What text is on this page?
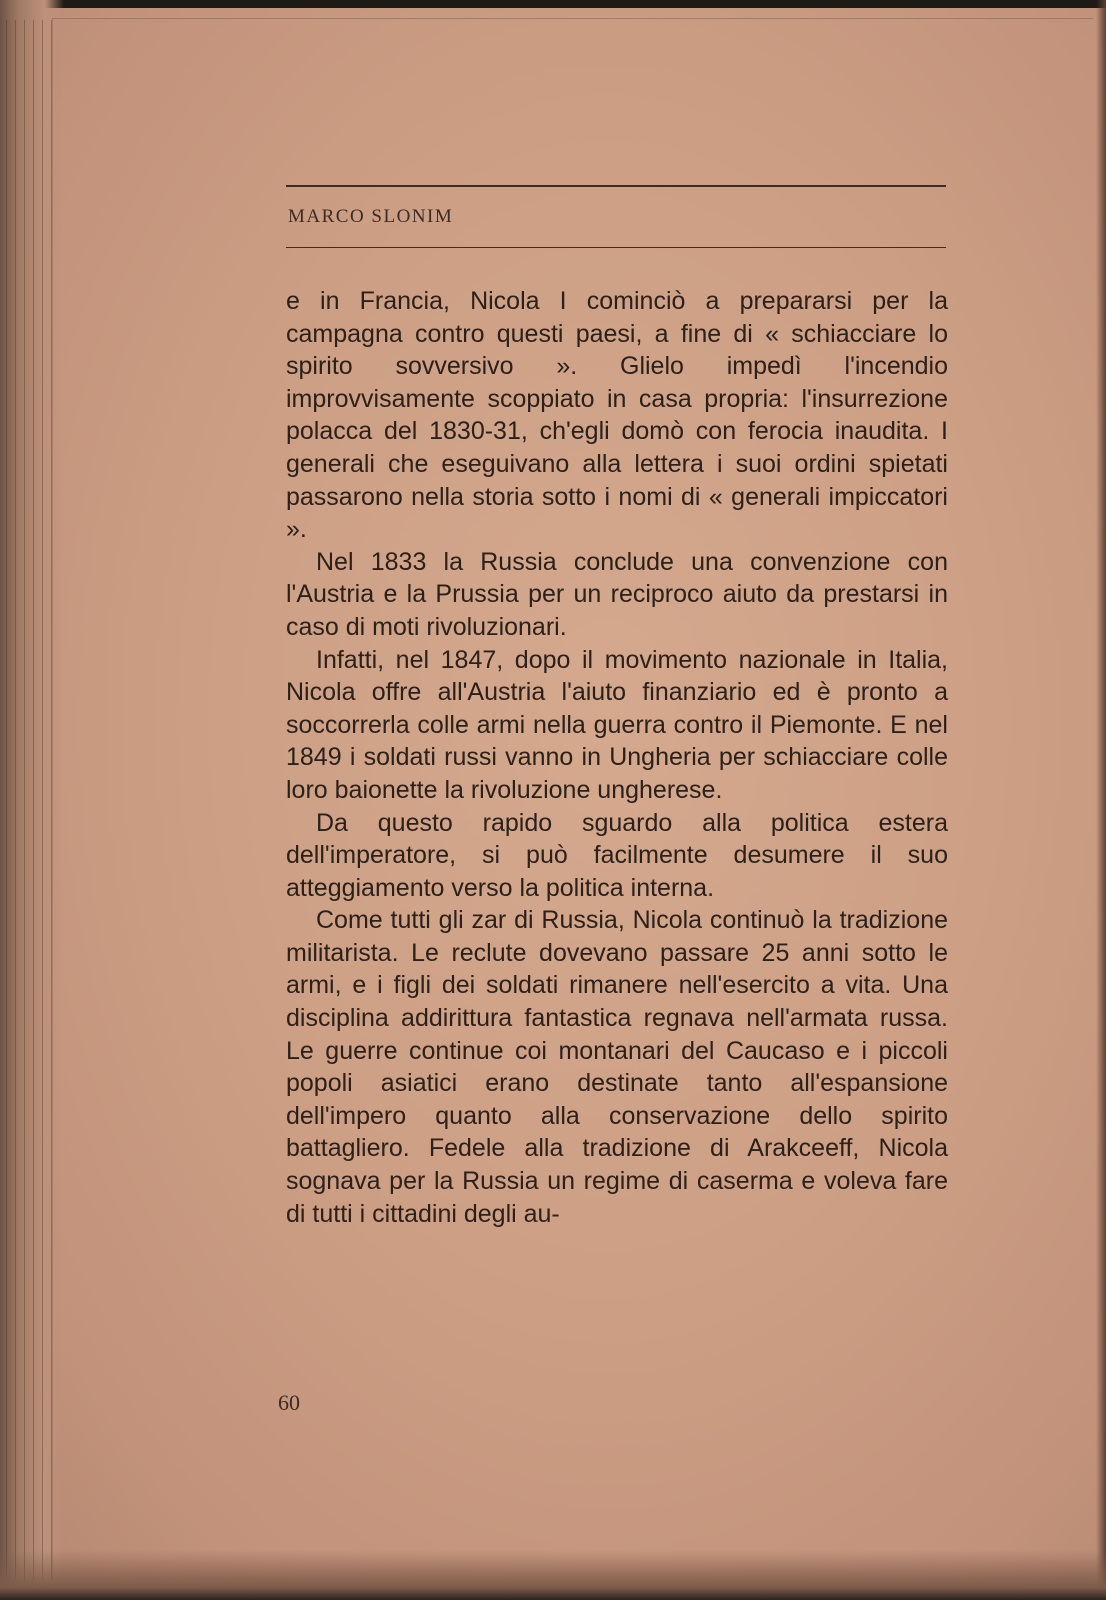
MARCO SLONIM

e in Francia, Nicola I cominciò a prepararsi per la campagna contro questi paesi, a fine di « schiacciare lo spirito sovversivo ». Glielo impedì l'incendio improvvisamente scoppiato in casa propria: l'insurrezione polacca del 1830-31, ch'egli domò con ferocia inaudita. I generali che eseguivano alla lettera i suoi ordini spietati passarono nella storia sotto i nomi di « generali impiccatori ».

Nel 1833 la Russia conclude una convenzione con l'Austria e la Prussia per un reciproco aiuto da prestarsi in caso di moti rivoluzionari.

Infatti, nel 1847, dopo il movimento nazionale in Italia, Nicola offre all'Austria l'aiuto finanziario ed è pronto a soccorrerla colle armi nella guerra contro il Piemonte. E nel 1849 i soldati russi vanno in Ungheria per schiacciare colle loro baionette la rivoluzione ungherese.

Da questo rapido sguardo alla politica estera dell'imperatore, si può facilmente desumere il suo atteggiamento verso la politica interna.

Come tutti gli zar di Russia, Nicola continuò la tradizione militarista. Le reclute dovevano passare 25 anni sotto le armi, e i figli dei soldati rimanere nell'esercito a vita. Una disciplina addirittura fantastica regnava nell'armata russa. Le guerre continue coi montanari del Caucaso e i piccoli popoli asiatici erano destinate tanto all'espansione dell'impero quanto alla conservazione dello spirito battagliero. Fedele alla tradizione di Arakceeff, Nicola sognava per la Russia un regime di caserma e voleva fare di tutti i cittadini degli au-

60
